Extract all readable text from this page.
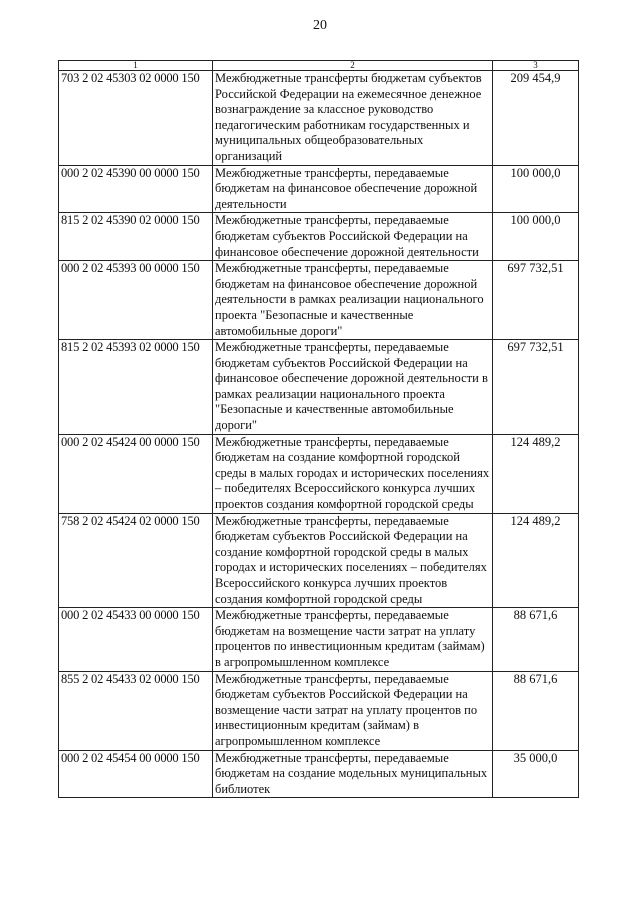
20
1	2	3
703 2 02 45303 02 0000 150	Межбюджетные трансферты бюджетам субъектов Российской Федерации на ежемесячное денежное вознаграждение за классное руководство педагогическим работникам государственных и муниципальных общеобразовательных организаций	209 454,9
000 2 02 45390 00 0000 150	Межбюджетные трансферты, передаваемые бюджетам на финансовое обеспечение дорожной деятельности	100 000,0
815 2 02 45390 02 0000 150	Межбюджетные трансферты, передаваемые бюджетам субъектов Российской Федерации на финансовое обеспечение дорожной деятельности	100 000,0
000 2 02 45393 00 0000 150	Межбюджетные трансферты, передаваемые бюджетам на финансовое обеспечение дорожной деятельности в рамках реализации национального проекта "Безопасные и качественные автомобильные дороги"	697 732,51
815 2 02 45393 02 0000 150	Межбюджетные трансферты, передаваемые бюджетам субъектов Российской Федерации на финансовое обеспечение дорожной деятельности в рамках реализации национального проекта "Безопасные и качественные автомобильные дороги"	697 732,51
000 2 02 45424 00 0000 150	Межбюджетные трансферты, передаваемые бюджетам на создание комфортной городской среды в малых городах и исторических поселениях – победителях Всероссийского конкурса лучших проектов создания комфортной городской среды	124 489,2
758 2 02 45424 02 0000 150	Межбюджетные трансферты, передаваемые бюджетам субъектов Российской Федерации на создание комфортной городской среды в малых городах и исторических поселениях – победителях Всероссийского конкурса лучших проектов создания комфортной городской среды	124 489,2
000 2 02 45433 00 0000 150	Межбюджетные трансферты, передаваемые бюджетам на возмещение части затрат на уплату процентов по инвестиционным кредитам (займам) в агропромышленном комплексе	88 671,6
855 2 02 45433 02 0000 150	Межбюджетные трансферты, передаваемые бюджетам субъектов Российской Федерации на возмещение части затрат на уплату процентов по инвестиционным кредитам (займам) в агропромышленном комплексе	88 671,6
000 2 02 45454 00 0000 150	Межбюджетные трансферты, передаваемые бюджетам на создание модельных муниципальных библиотек	35 000,0
